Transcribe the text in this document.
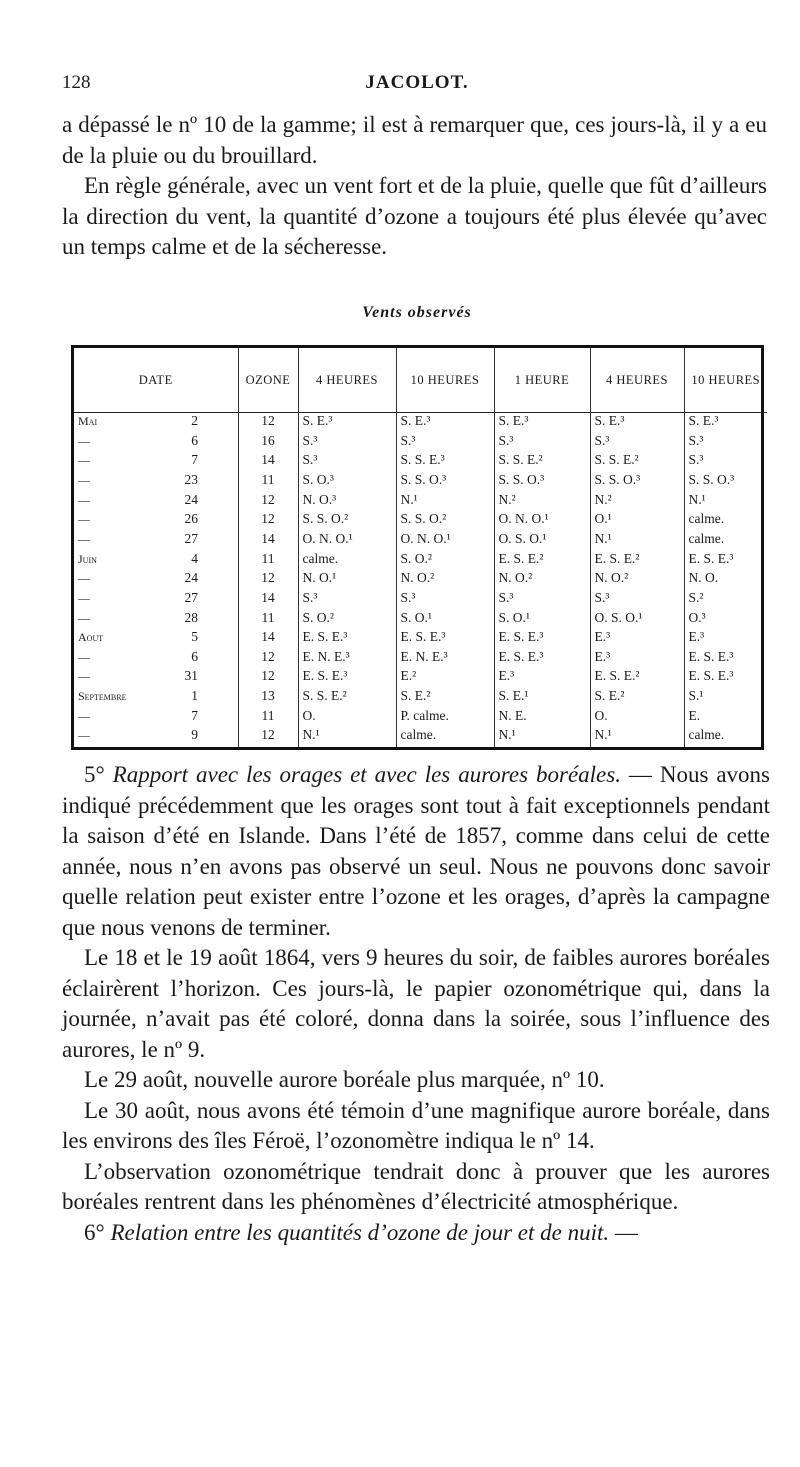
128	JACOLOT.

a dépassé le nº 10 de la gamme; il est à remarquer que, ces jours-là, il y a eu de la pluie ou du brouillard.

En règle générale, avec un vent fort et de la pluie, quelle que fût d’ailleurs la direction du vent, la quantité d’ozone a toujours été plus élevée qu’avec un temps calme et de la sécheresse.

Vents observés
DATE	OZONE	4 HEURES	10 HEURES	1 HEURE	4 HEURES	10 HEURES
Mai 2	12	S. E.³	S. E.³	S. E.³	S. E.³	S. E.³
— 6	16	S.³	S.³	S.³	S.³	S.³
— 7	14	S.³	S. S. E.³	S. S. E.²	S. S. E.²	S.³
— 23	11	S. O.³	S. S. O.³	S. S. O.³	S. S. O.³	S. S. O.³
— 24	12	N. O.³	N.¹	N.²	N.²	N.¹
— 26	12	S. S. O.²	S. S. O.²	O. N. O.¹	O.¹	calme.
— 27	14	O. N. O.¹	O. N. O.¹	O. S. O.¹	N.¹	calme.
Juin 4	11	calme.	S. O.²	E. S. E.²	E. S. E.²	E. S. E.³
— 24	12	N. O.¹	N. O.²	N. O.²	N. O.²	N. O.
— 27	14	S.³	S.³	S.³	S.³	S.²
— 28	11	S. O.²	S. O.¹	S. O.¹	O. S. O.¹	O.³
Aout 5	14	E. S. E.³	E. S. E.³	E. S. E.³	E.³	E.³
— 6	12	E. N. E.³	E. N. E.³	E. S. E.³	E.³	E. S. E.³
— 31	12	E. S. E.³	E.²	E.³	E. S. E.²	E. S. E.³
Septembre 1	13	S. S. E.²	S. E.²	S. E.¹	S. E.²	S.¹
— 7	11	O.	P. calme.	N. E.	O.	E.
— 9	12	N.¹	calme.	N.¹	N.¹	calme.

5° Rapport avec les orages et avec les aurores boréales. — Nous avons indiqué précédemment que les orages sont tout à fait exceptionnels pendant la saison d’été en Islande. Dans l’été de 1857, comme dans celui de cette année, nous n’en avons pas observé un seul. Nous ne pouvons donc savoir quelle relation peut exister entre l’ozone et les orages, d’après la campagne que nous venons de terminer.

Le 18 et le 19 août 1864, vers 9 heures du soir, de faibles aurores boréales éclairèrent l’horizon. Ces jours-là, le papier ozonométrique qui, dans la journée, n’avait pas été coloré, donna dans la soirée, sous l’influence des aurores, le nº 9.

Le 29 août, nouvelle aurore boréale plus marquée, nº 10.

Le 30 août, nous avons été témoin d’une magnifique aurore boréale, dans les environs des îles Féroë, l’ozonomètre indiqua le nº 14.

L’observation ozonométrique tendrait donc à prouver que les aurores boréales rentrent dans les phénomènes d’électricité atmosphérique.

6° Relation entre les quantités d’ozone de jour et de nuit. —
